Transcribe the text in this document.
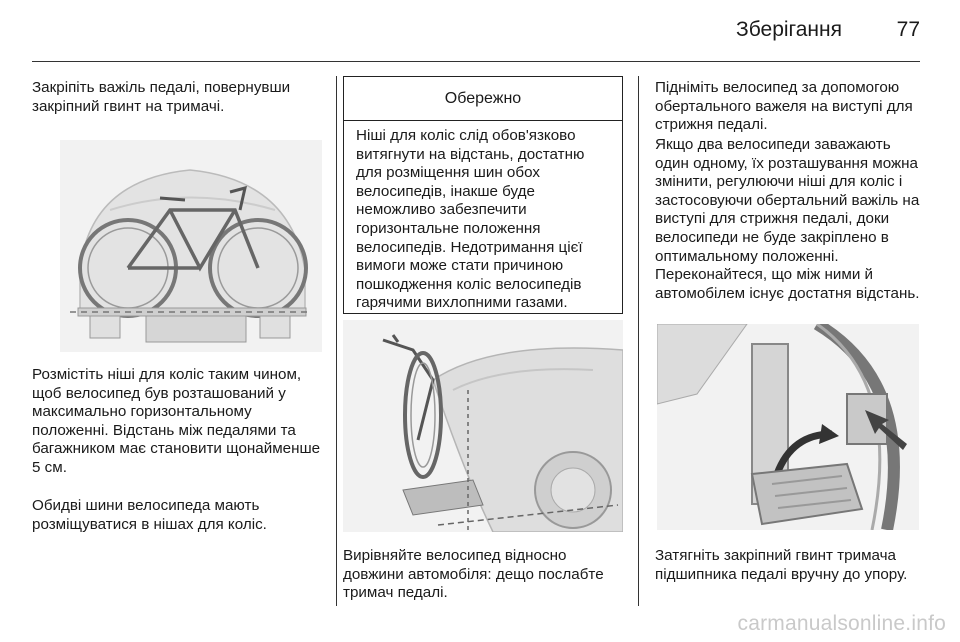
Зберігання	77

Закріпіть важіль педалі, повернувши закріпний гвинт на тримачі.

Розмістіть ніші для коліс таким чином, щоб велосипед був розташований у максимально горизонтальному положенні. Відстань між педалями та багажником має становити щонайменше 5 см.

Обидві шини велосипеда мають розміщуватися в нішах для коліс.

Обережно

Ніші для коліс слід обов'язково витягнути на відстань, достатню для розміщення шин обох велосипедів, інакше буде неможливо забезпечити горизонтальне положення велосипедів. Недотримання цієї вимоги може стати причиною пошкодження коліс велосипедів гарячими вихлопними газами.

Вирівняйте велосипед відносно довжини автомобіля: дещо послабте тримач педалі.

Підніміть велосипед за допомогою обертального важеля на виступі для стрижня педалі.

Якщо два велосипеди заважають один одному, їх розташування можна змінити, регулюючи ніші для коліс і застосовуючи обертальний важіль на виступі для стрижня педалі, доки велосипеди не буде закріплено в оптимальному положенні. Переконайтеся, що між ними й автомобілем існує достатня відстань.

Затягніть закріпний гвинт тримача підшипника педалі вручну до упору.

carmanualsonline.info
